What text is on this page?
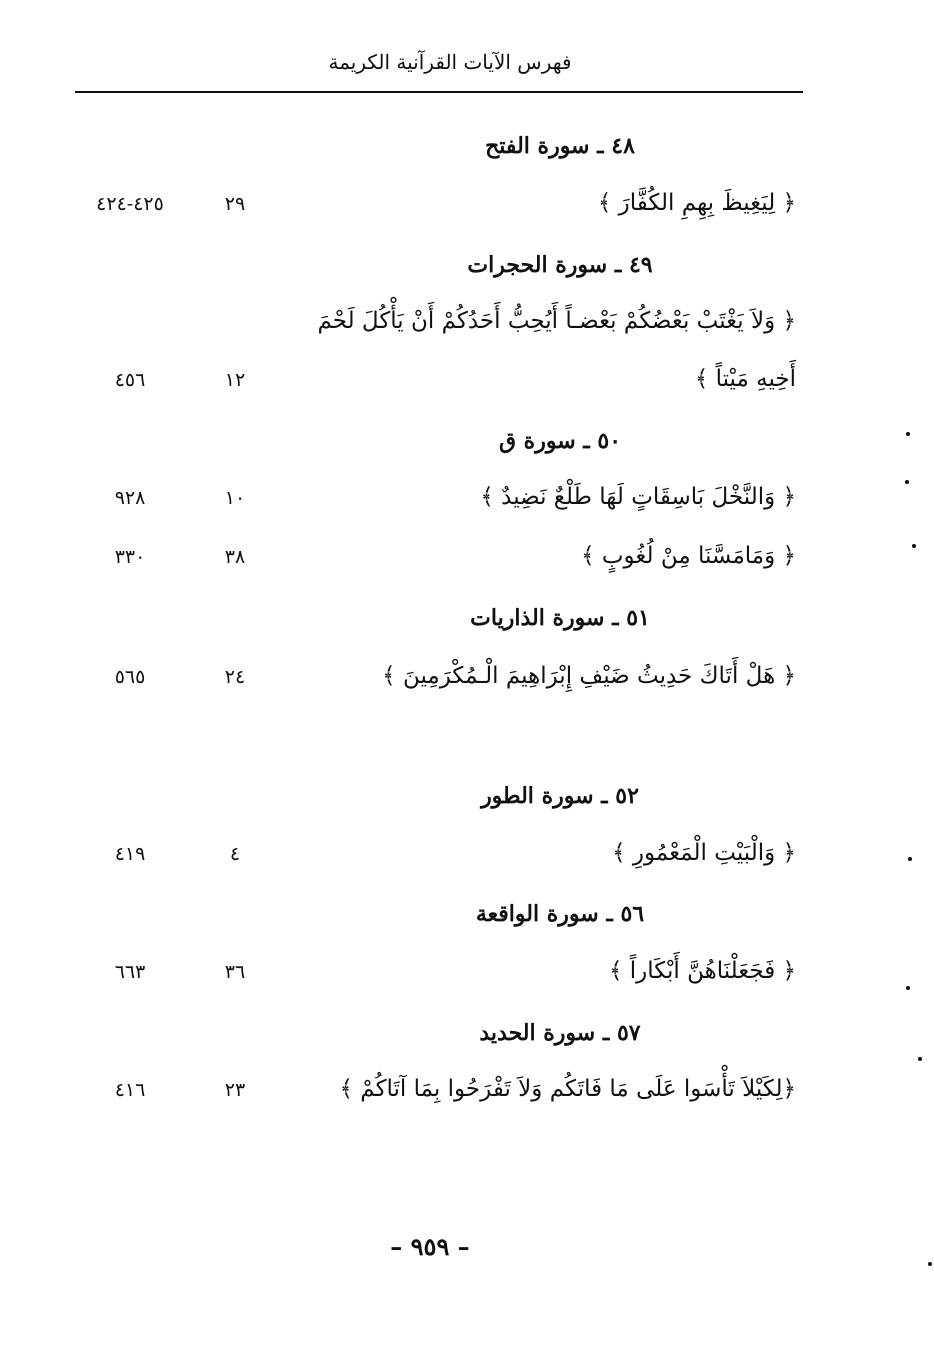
فهرس الآيات القرآنية الكريمة
٤٨ ـ سورة الفتح
﴿ لِيَغِيظَ بِهِمِ الكُفَّارَ ﴾
٢٩
٤٢٥-٤٢٤
٤٩ ـ سورة الحجرات
﴿ وَلاَ يَغْتَبْ بَعْضُكُمْ بَعْضـاً أَيُحِبُّ أَحَدُكُمْ أَنْ يَأْكُلَ لَحْمَ
أَخِيهِ مَيْتاً ﴾
١٢
٤٥٦
٥٠ ـ سورة ق
﴿ وَالنَّخْلَ بَاسِقَاتٍ لَهَا طَلْعٌ نَضِيدٌ ﴾
١٠
٩٢٨
﴿ وَمَامَسَّنَا مِنْ لُغُوبٍ ﴾
٣٨
٣٣٠
٥١ ـ سورة الذاريات
﴿ هَلْ أَتَاكَ حَدِيثُ ضَيْفِ إِبْرَاهِيمَ الْـمُكْرَمِينَ ﴾
٢٤
٥٦٥
٥٢ ـ سورة الطور
﴿ وَالْبَيْتِ الْمَعْمُورِ ﴾
٤
٤١٩
٥٦ ـ سورة الواقعة
﴿ فَجَعَلْنَاهُنَّ أَبْكَاراً ﴾
٣٦
٦٦٣
٥٧ ـ سورة الحديد
﴿لِكَيْلاَ تَأْسَوا عَلَى مَا فَاتَكُم وَلاَ تَفْرَحُوا بِمَا آتَاكُمْ ﴾
٢٣
٤١٦
– ٩٥٩ –
